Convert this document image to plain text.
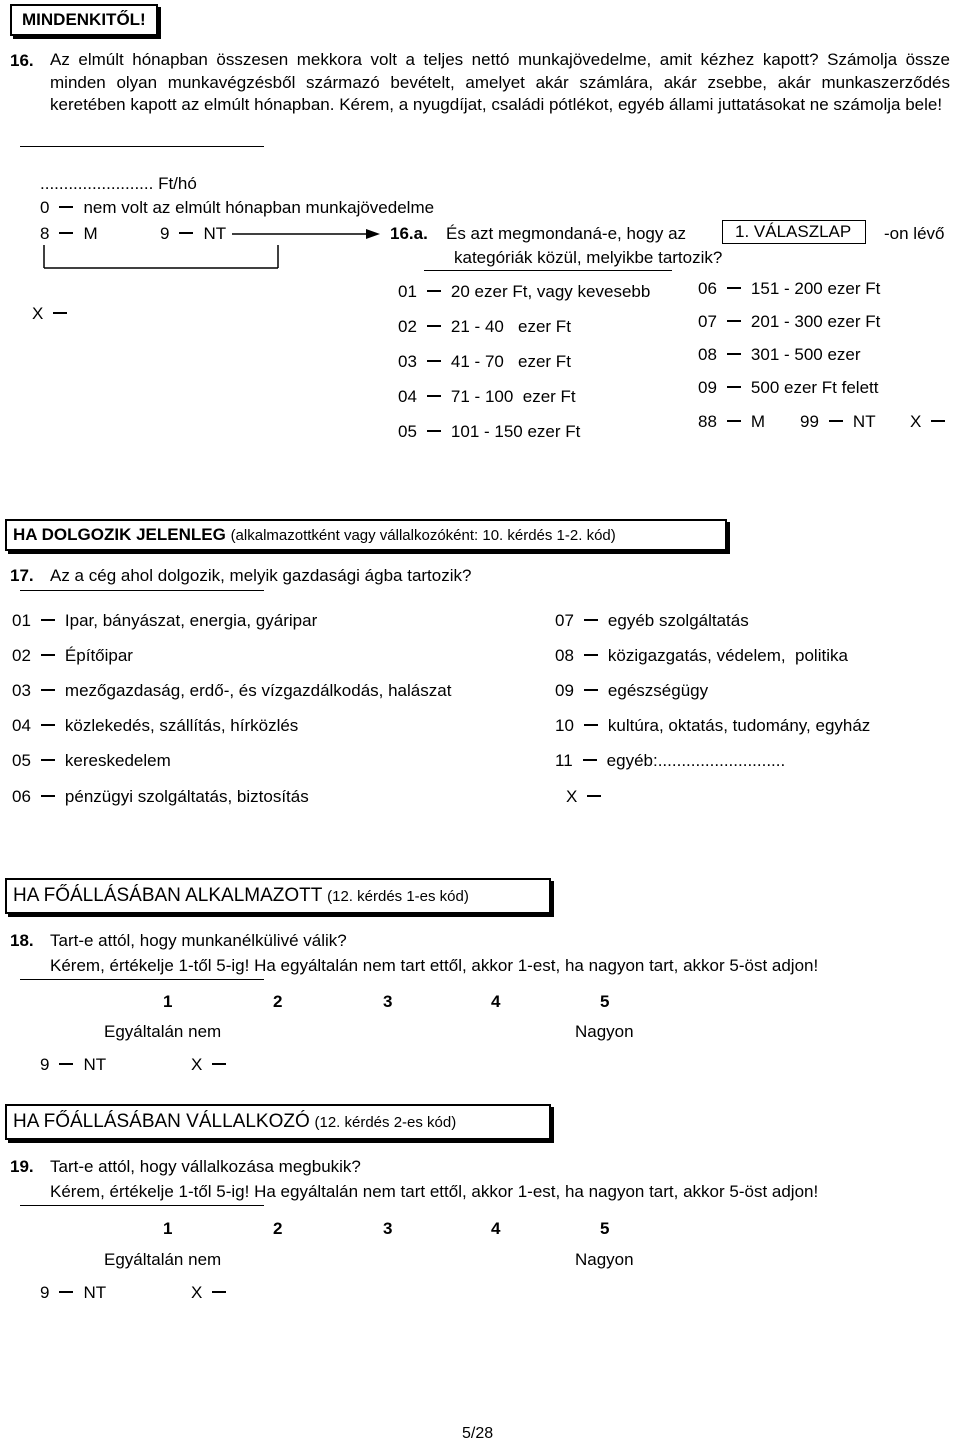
MINDENKITŐL!
16. Az elmúlt hónapban összesen mekkora volt a teljes nettó munkajövedelme, amit kézhez kapott? Számolja össze minden olyan munkavégzésből származó bevételt, amelyet akár számlára, akár zsebbe, akár munkaszerződés keretében kapott az elmúlt hónapban. Kérem, a nyugdíjat, családi pótlékot, egyéb állami juttatásokat ne számolja bele!
........................ Ft/hó
0 nem volt az elmúlt hónapban munkajövedelme
8 M	9 NT
X
16.a. És azt megmondaná-e, hogy az	1. VÁLASZLAP	-on lévő
kategóriák közül, melyikbe tartozik?
01 20 ezer Ft, vagy kevesebb
02 21 - 40   ezer Ft
03 41 - 70   ezer Ft
04 71 - 100  ezer Ft
05 101 - 150 ezer Ft
06 151 - 200 ezer Ft
07 201 - 300 ezer Ft
08 301 - 500 ezer
09 500 ezer Ft felett
88 M 99 NT X
HA DOLGOZIK JELENLEG (alkalmazottként vagy vállalkozóként: 10. kérdés 1-2. kód)
17. Az a cég ahol dolgozik, melyik gazdasági ágba tartozik?
01 Ipar, bányászat, energia, gyáripar
02 Építőipar
03 mezőgazdaság, erdő-, és vízgazdálkodás, halászat
04 közlekedés, szállítás, hírközlés
05 kereskedelem
06 pénzügyi szolgáltatás, biztosítás
07 egyéb szolgáltatás
08 közigazgatás, védelem,  politika
09 egészségügy
10 kultúra, oktatás, tudomány, egyház
11 egyéb:...........................
X
HA FŐÁLLÁSÁBAN ALKALMAZOTT (12. kérdés 1-es kód)
18. Tart-e attól, hogy munkanélkülivé válik?
Kérem, értékelje 1-től 5-ig! Ha egyáltalán nem tart ettől, akkor 1-est, ha nagyon tart, akkor 5-öst adjon!
1	2	3	4	5
Egyáltalán nem	Nagyon
9 NT	X
HA FŐÁLLÁSÁBAN VÁLLALKOZÓ (12. kérdés 2-es kód)
19. Tart-e attól, hogy vállalkozása megbukik?
Kérem, értékelje 1-től 5-ig! Ha egyáltalán nem tart ettől, akkor 1-est, ha nagyon tart, akkor 5-öst adjon!
1	2	3	4	5
Egyáltalán nem	Nagyon
9 NT	X
5/28
